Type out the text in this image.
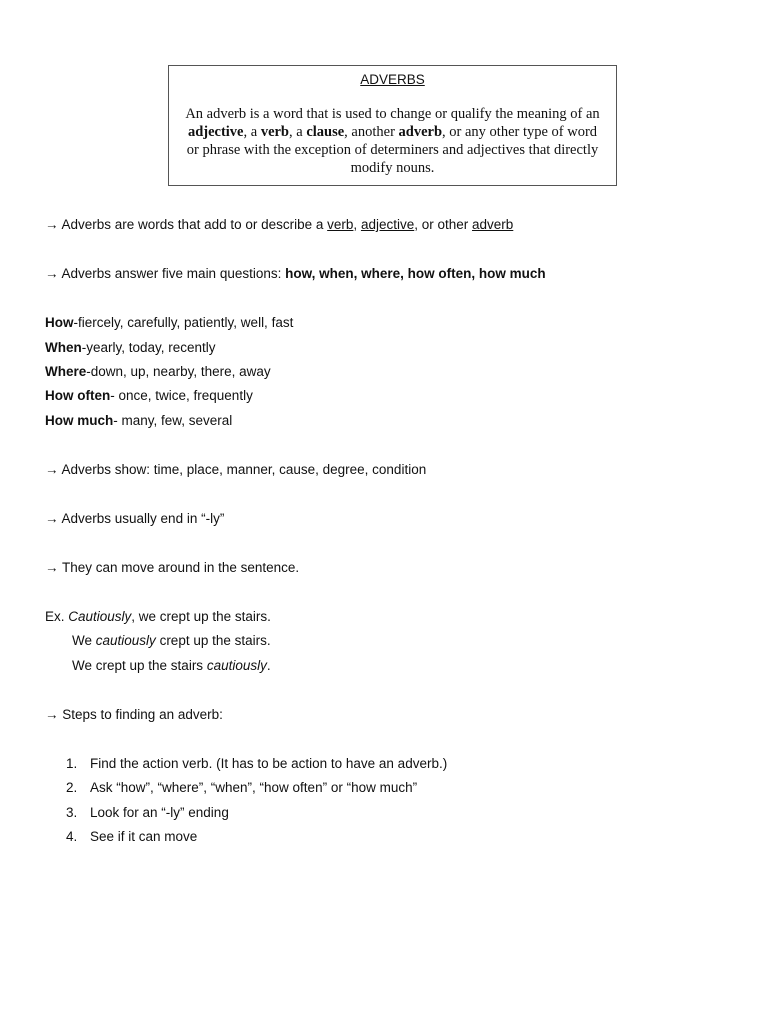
ADVERBS
An adverb is a word that is used to change or qualify the meaning of an adjective, a verb, a clause, another adverb, or any other type of word or phrase with the exception of determiners and adjectives that directly modify nouns.
→ Adverbs are words that add to or describe a verb, adjective, or other adverb
→ Adverbs answer five main questions: how, when, where, how often, how much
How-fiercely, carefully, patiently, well, fast
When-yearly, today, recently
Where-down, up, nearby, there, away
How often- once, twice, frequently
How much- many, few, several
→ Adverbs show: time, place, manner, cause, degree, condition
→ Adverbs usually end in “-ly”
→ They can move around in the sentence.
Ex. Cautiously, we crept up the stairs.
We cautiously crept up the stairs.
We crept up the stairs cautiously.
→ Steps to finding an adverb:
1. Find the action verb. (It has to be action to have an adverb.)
2. Ask “how”, “where”, “when”, “how often” or “how much”
3. Look for an “-ly” ending
4. See if it can move
